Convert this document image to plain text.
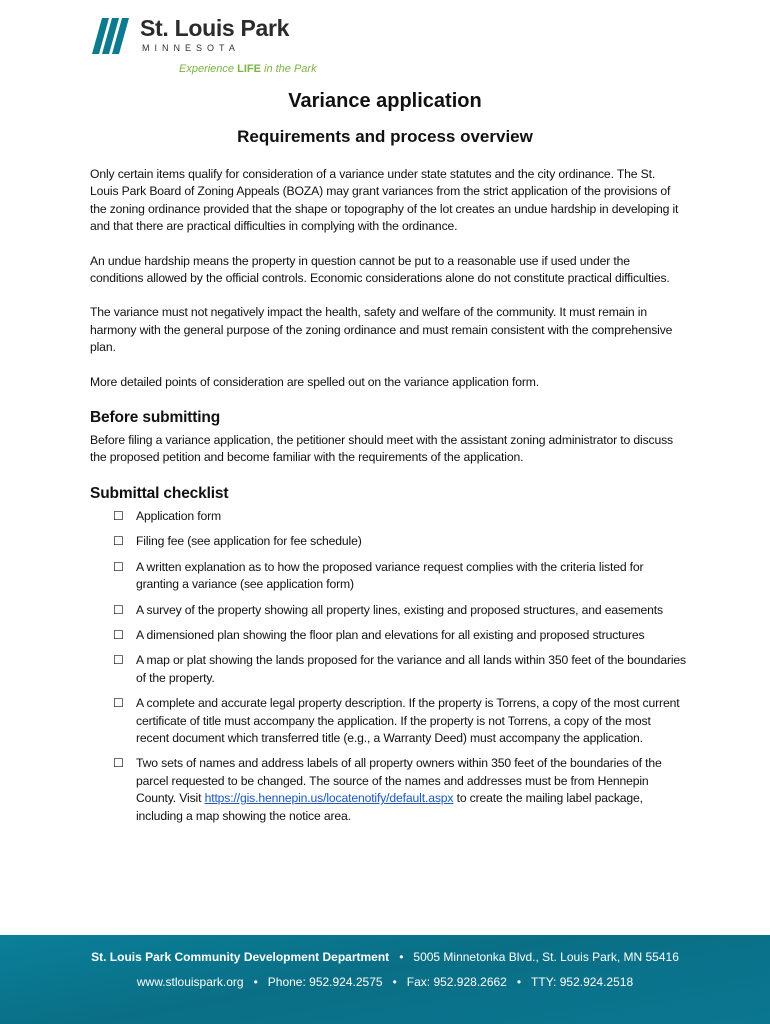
St. Louis Park
MINNESOTA
Experience LIFE in the Park
Variance application
Requirements and process overview

Only certain items qualify for consideration of a variance under state statutes and the city ordinance. The St. Louis Park Board of Zoning Appeals (BOZA) may grant variances from the strict application of the provisions of the zoning ordinance provided that the shape or topography of the lot creates an undue hardship in developing it and that there are practical difficulties in complying with the ordinance.

An undue hardship means the property in question cannot be put to a reasonable use if used under the conditions allowed by the official controls. Economic considerations alone do not constitute practical difficulties.

The variance must not negatively impact the health, safety and welfare of the community. It must remain in harmony with the general purpose of the zoning ordinance and must remain consistent with the comprehensive plan.

More detailed points of consideration are spelled out on the variance application form.

Before submitting

Before filing a variance application, the petitioner should meet with the assistant zoning administrator to discuss the proposed petition and become familiar with the requirements of the application.

Submittal checklist
☐ Application form
☐ Filing fee (see application for fee schedule)
☐ A written explanation as to how the proposed variance request complies with the criteria listed for granting a variance (see application form)
☐ A survey of the property showing all property lines, existing and proposed structures, and easements
☐ A dimensioned plan showing the floor plan and elevations for all existing and proposed structures
☐ A map or plat showing the lands proposed for the variance and all lands within 350 feet of the boundaries of the property.
☐ A complete and accurate legal property description. If the property is Torrens, a copy of the most current certificate of title must accompany the application. If the property is not Torrens, a copy of the most recent document which transferred title (e.g., a Warranty Deed) must accompany the application.
☐ Two sets of names and address labels of all property owners within 350 feet of the boundaries of the parcel requested to be changed. The source of the names and addresses must be from Hennepin County. Visit https://gis.hennepin.us/locatenotify/default.aspx to create the mailing label package, including a map showing the notice area.
St. Louis Park Community Development Department • 5005 Minnetonka Blvd., St. Louis Park, MN 55416
www.stlouispark.org • Phone: 952.924.2575 • Fax: 952.928.2662 • TTY: 952.924.2518
